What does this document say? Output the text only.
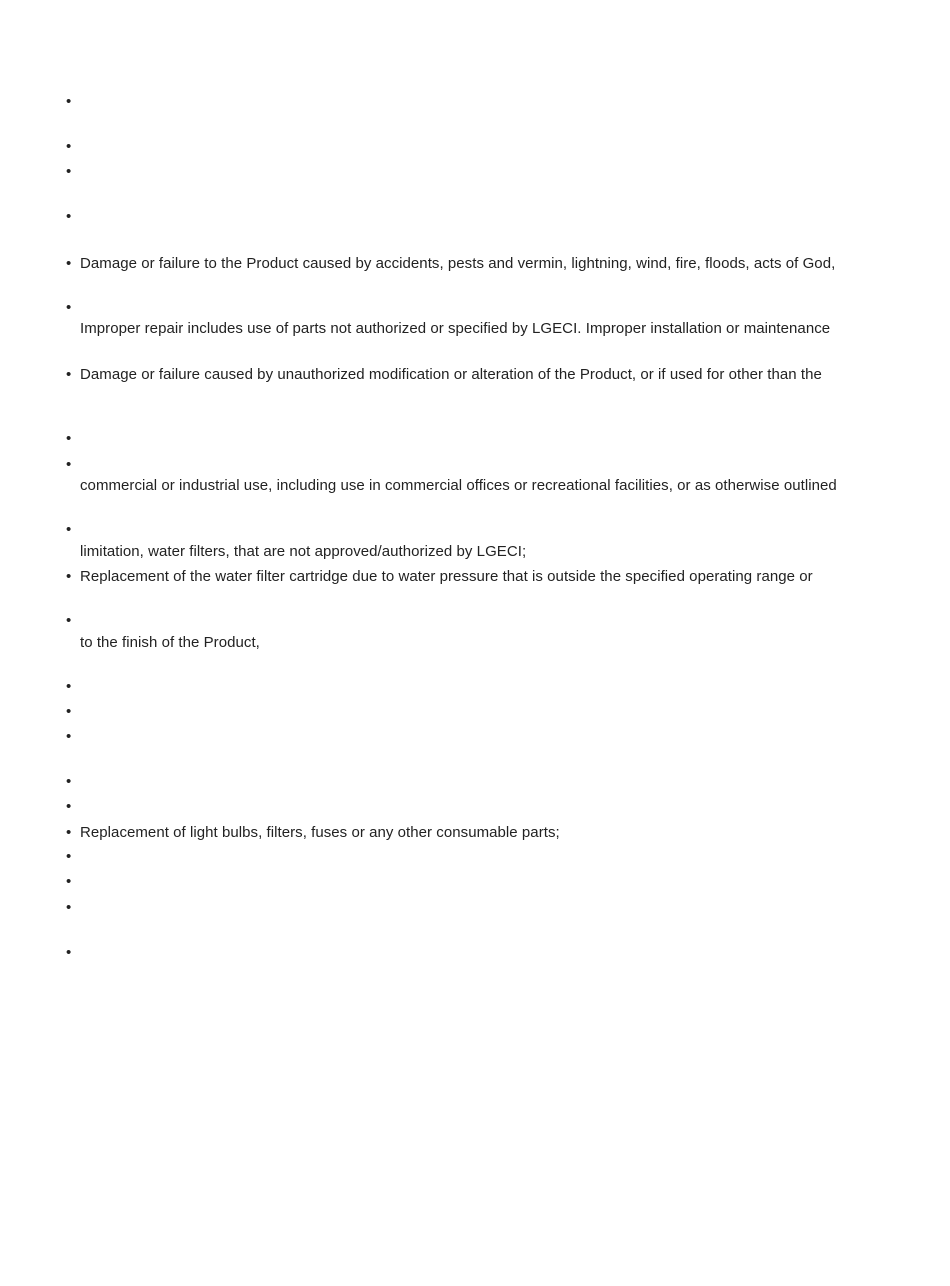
•
•
•
•
•
•
•
•
•
•
•
•
•
•
•
•
•
•
•
•
•
•
Damage or failure to the Product caused by accidents, pests and vermin, lightning, wind, fire, floods, acts of God,
Improper repair includes use of parts not authorized or specified by LGECI. Improper installation or maintenance
Damage or failure caused by unauthorized modification or alteration of the Product, or if used for other than the
commercial or industrial use, including use in commercial offices or recreational facilities, or as otherwise outlined
limitation, water filters, that are not approved/authorized by LGECI;
Replacement of the water filter cartridge due to water pressure that is outside the specified operating range or
to the finish of the Product,
Replacement of light bulbs, filters, fuses or any other consumable parts;
